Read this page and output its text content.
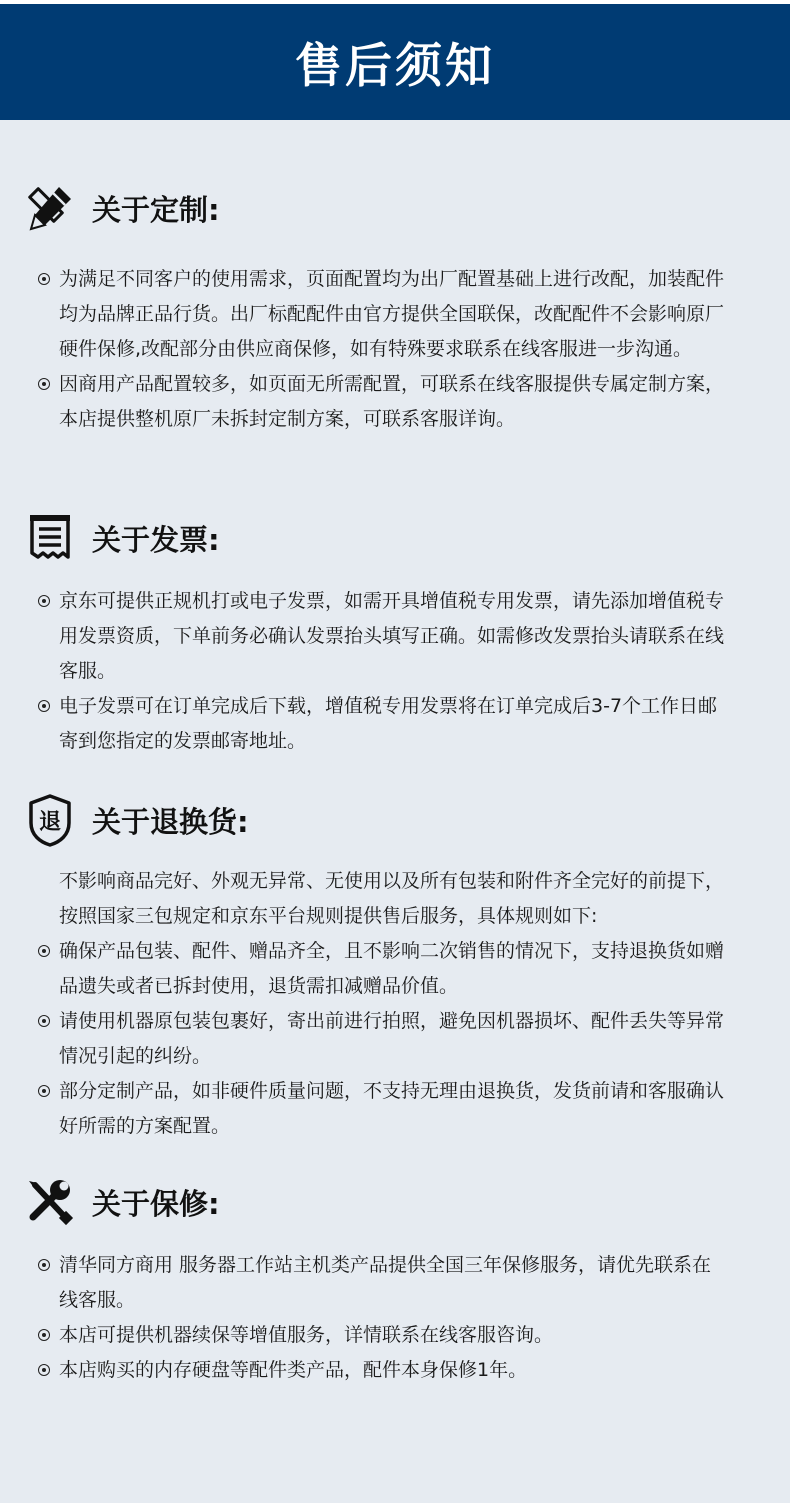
售后须知
关于定制:
为满足不同客户的使用需求，页面配置均为出厂配置基础上进行改配，加装配件均为品牌正品行货。出厂标配配件由官方提供全国联保，改配配件不会影响原厂硬件保修,改配部分由供应商保修，如有特殊要求联系在线客服进一步沟通。
因商用产品配置较多，如页面无所需配置，可联系在线客服提供专属定制方案，本店提供整机原厂未拆封定制方案，可联系客服详询。
关于发票:
京东可提供正规机打或电子发票，如需开具增值税专用发票，请先添加增值税专用发票资质，下单前务必确认发票抬头填写正确。如需修改发票抬头请联系在线客服。
电子发票可在订单完成后下载，增值税专用发票将在订单完成后3-7个工作日邮寄到您指定的发票邮寄地址。
退 关于退换货:
不影响商品完好、外观无异常、无使用以及所有包装和附件齐全完好的前提下，按照国家三包规定和京东平台规则提供售后服务，具体规则如下:
确保产品包装、配件、赠品齐全，且不影响二次销售的情况下，支持退换货如赠品遗失或者已拆封使用，退货需扣减赠品价值。
请使用机器原包装包裹好，寄出前进行拍照，避免因机器损坏、配件丢失等异常情况引起的纠纷。
部分定制产品，如非硬件质量问题，不支持无理由退换货，发货前请和客服确认好所需的方案配置。
关于保修:
清华同方商用 服务器工作站主机类产品提供全国三年保修服务，请优先联系在线客服。
本店可提供机器续保等增值服务，详情联系在线客服咨询。
本店购买的内存硬盘等配件类产品，配件本身保修1年。
